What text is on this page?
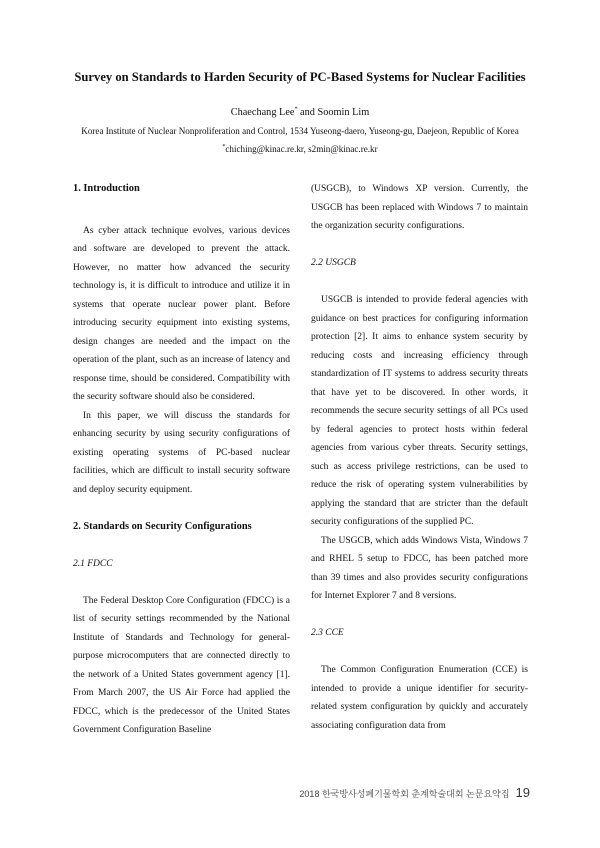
Survey on Standards to Harden Security of PC-Based Systems for Nuclear Facilities
Chaechang Lee* and Soomin Lim
Korea Institute of Nuclear Nonproliferation and Control, 1534 Yuseong-daero, Yuseong-gu, Daejeon, Republic of Korea
*chiching@kinac.re.kr, s2min@kinac.re.kr

1. Introduction

As cyber attack technique evolves, various devices and software are developed to prevent the attack. However, no matter how advanced the security technology is, it is difficult to introduce and utilize it in systems that operate nuclear power plant. Before introducing security equipment into existing systems, design changes are needed and the impact on the operation of the plant, such as an increase of latency and response time, should be considered. Compatibility with the security software should also be considered.

In this paper, we will discuss the standards for enhancing security by using security configurations of existing operating systems of PC-based nuclear facilities, which are difficult to install security software and deploy security equipment.

2. Standards on Security Configurations

2.1 FDCC

The Federal Desktop Core Configuration (FDCC) is a list of security settings recommended by the National Institute of Standards and Technology for general-purpose microcomputers that are connected directly to the network of a United States government agency [1]. From March 2007, the US Air Force had applied the FDCC, which is the predecessor of the United States Government Configuration Baseline

(USGCB), to Windows XP version. Currently, the USGCB has been replaced with Windows 7 to maintain the organization security configurations.

2.2 USGCB

USGCB is intended to provide federal agencies with guidance on best practices for configuring information protection [2]. It aims to enhance system security by reducing costs and increasing efficiency through standardization of IT systems to address security threats that have yet to be discovered. In other words, it recommends the secure security settings of all PCs used by federal agencies to protect hosts within federal agencies from various cyber threats. Security settings, such as access privilege restrictions, can be used to reduce the risk of operating system vulnerabilities by applying the standard that are stricter than the default security configurations of the supplied PC.

The USGCB, which adds Windows Vista, Windows 7 and RHEL 5 setup to FDCC, has been patched more than 39 times and also provides security configurations for Internet Explorer 7 and 8 versions.

2.3 CCE

The Common Configuration Enumeration (CCE) is intended to provide a unique identifier for security-related system configuration by quickly and accurately associating configuration data from

2018 한국방사성폐기물학회 춘계학술대회 논문요약집 19
